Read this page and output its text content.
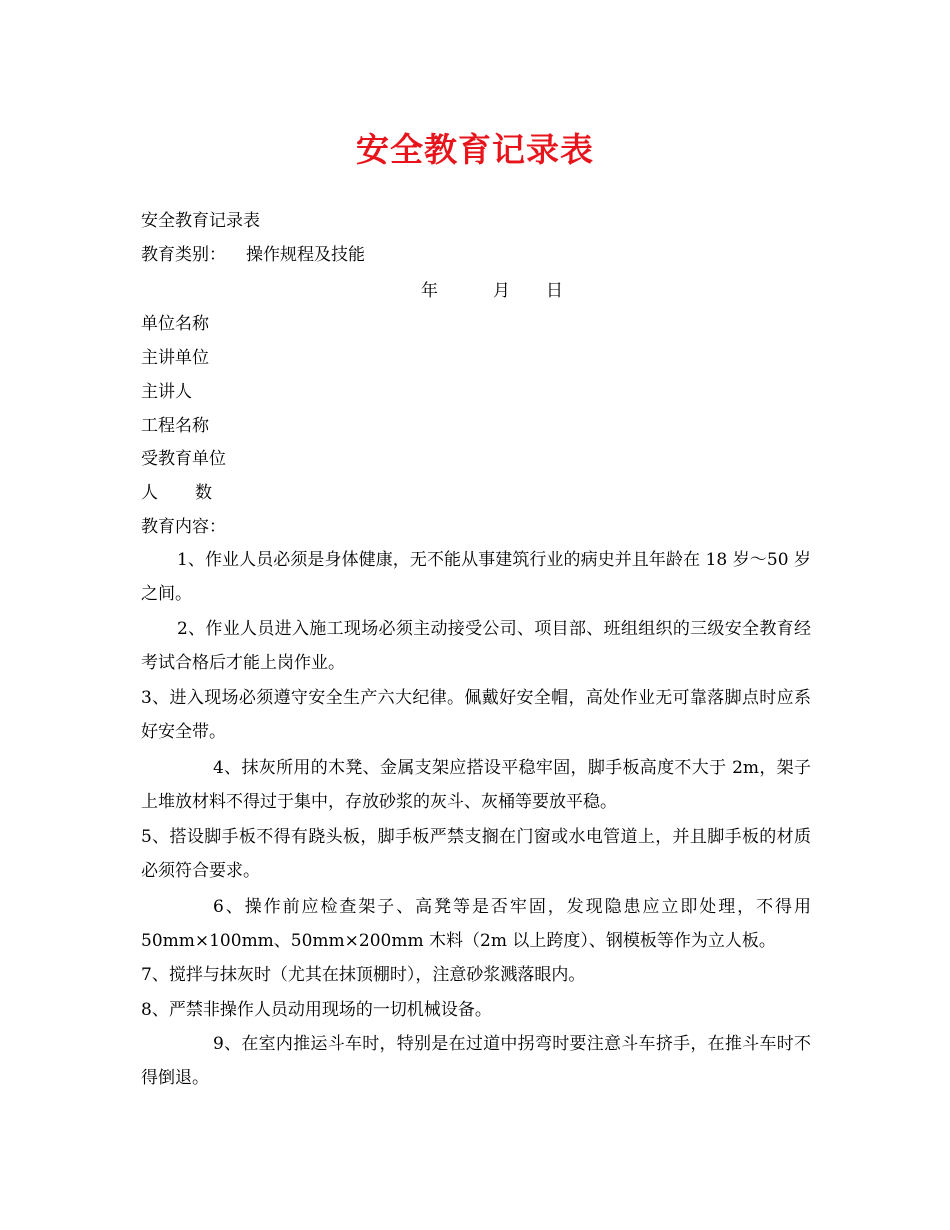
安全教育记录表
安全教育记录表
教育类别： 操作规程及技能
年	月 日
单位名称
主讲单位
主讲人
工程名称
受教育单位
人 数
教育内容：
1、作业人员必须是身体健康，无不能从事建筑行业的病史并且年龄在 18 岁～50 岁之间。
2、作业人员进入施工现场必须主动接受公司、项目部、班组组织的三级安全教育经考试合格后才能上岗作业。
3、进入现场必须遵守安全生产六大纪律。佩戴好安全帽，高处作业无可靠落脚点时应系好安全带。
4、抹灰所用的木凳、金属支架应搭设平稳牢固，脚手板高度不大于 2m，架子上堆放材料不得过于集中，存放砂浆的灰斗、灰桶等要放平稳。
5、搭设脚手板不得有跷头板，脚手板严禁支搁在门窗或水电管道上，并且脚手板的材质必须符合要求。
6、操作前应检查架子、高凳等是否牢固，发现隐患应立即处理，不得用 50mm×100mm、50mm×200mm 木料（2m 以上跨度）、钢模板等作为立人板。
7、搅拌与抹灰时（尤其在抹顶棚时），注意砂浆溅落眼内。
8、严禁非操作人员动用现场的一切机械设备。
9、在室内推运斗车时，特别是在过道中拐弯时要注意斗车挤手，在推斗车时不得倒退。
